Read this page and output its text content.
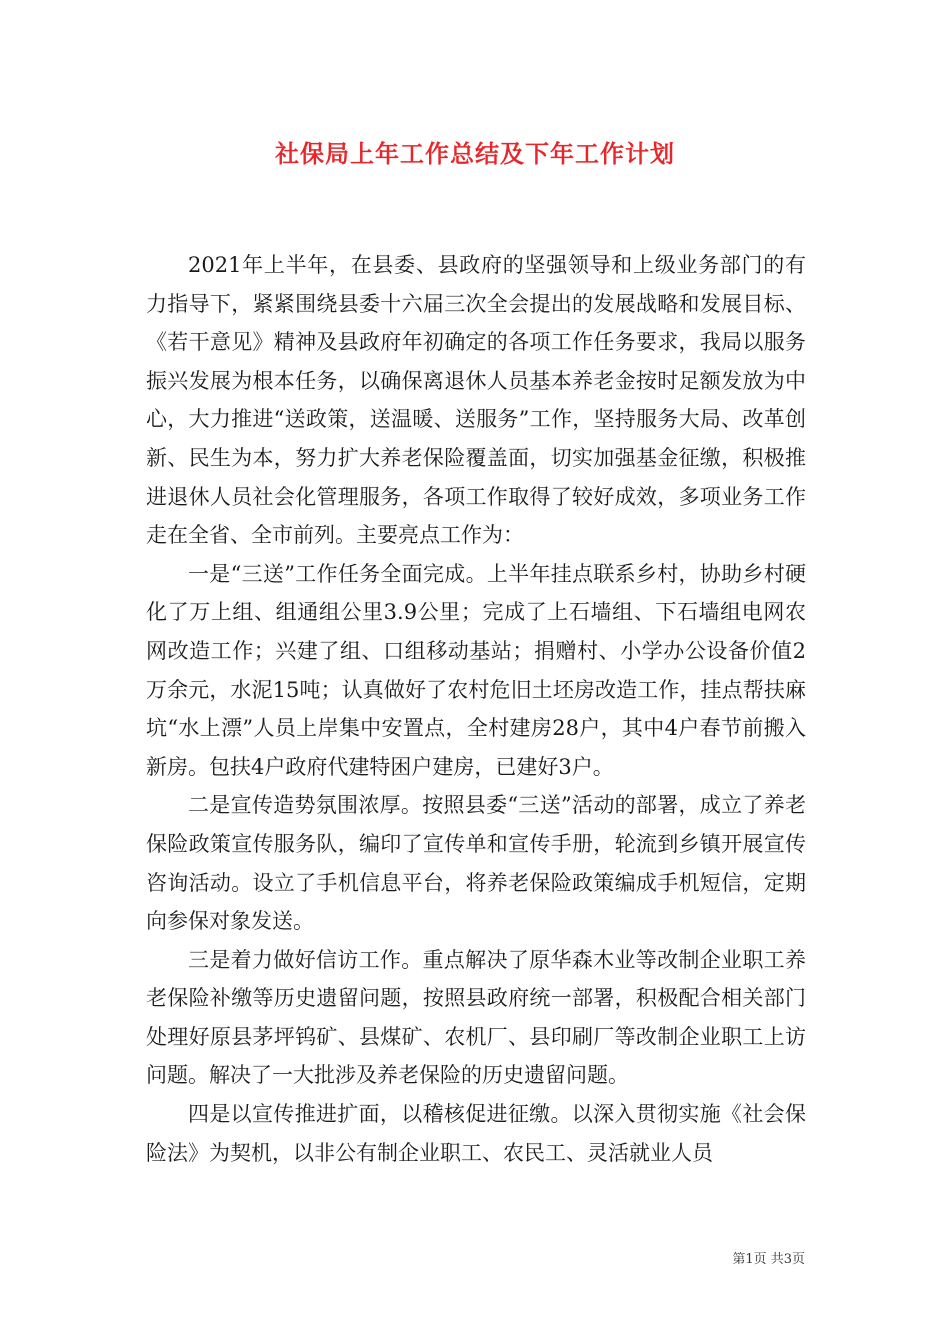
社保局上年工作总结及下年工作计划

2021年上半年，在县委、县政府的坚强领导和上级业务部门的有力指导下，紧紧围绕县委十六届三次全会提出的发展战略和发展目标、《若干意见》精神及县政府年初确定的各项工作任务要求，我局以服务振兴发展为根本任务，以确保离退休人员基本养老金按时足额发放为中心，大力推进“送政策，送温暖、送服务”工作，坚持服务大局、改革创新、民生为本，努力扩大养老保险覆盖面，切实加强基金征缴，积极推进退休人员社会化管理服务，各项工作取得了较好成效，多项业务工作走在全省、全市前列。主要亮点工作为：

一是“三送”工作任务全面完成。上半年挂点联系乡村，协助乡村硬化了万上组、组通组公里3.9公里；完成了上石墙组、下石墙组电网农网改造工作；兴建了组、口组移动基站；捐赠村、小学办公设备价值2万余元，水泥15吨；认真做好了农村危旧土坯房改造工作，挂点帮扶麻坑“水上漂”人员上岸集中安置点，全村建房28户，其中4户春节前搬入新房。包扶4户政府代建特困户建房，已建好3户。

二是宣传造势氛围浓厚。按照县委“三送”活动的部署，成立了养老保险政策宣传服务队，编印了宣传单和宣传手册，轮流到乡镇开展宣传咨询活动。设立了手机信息平台，将养老保险政策编成手机短信，定期向参保对象发送。

三是着力做好信访工作。重点解决了原华森木业等改制企业职工养老保险补缴等历史遗留问题，按照县政府统一部署，积极配合相关部门处理好原县茅坪钨矿、县煤矿、农机厂、县印刷厂等改制企业职工上访问题。解决了一大批涉及养老保险的历史遗留问题。

四是以宣传推进扩面，以稽核促进征缴。以深入贯彻实施《社会保险法》为契机，以非公有制企业职工、农民工、灵活就业人员

第1页 共3页
